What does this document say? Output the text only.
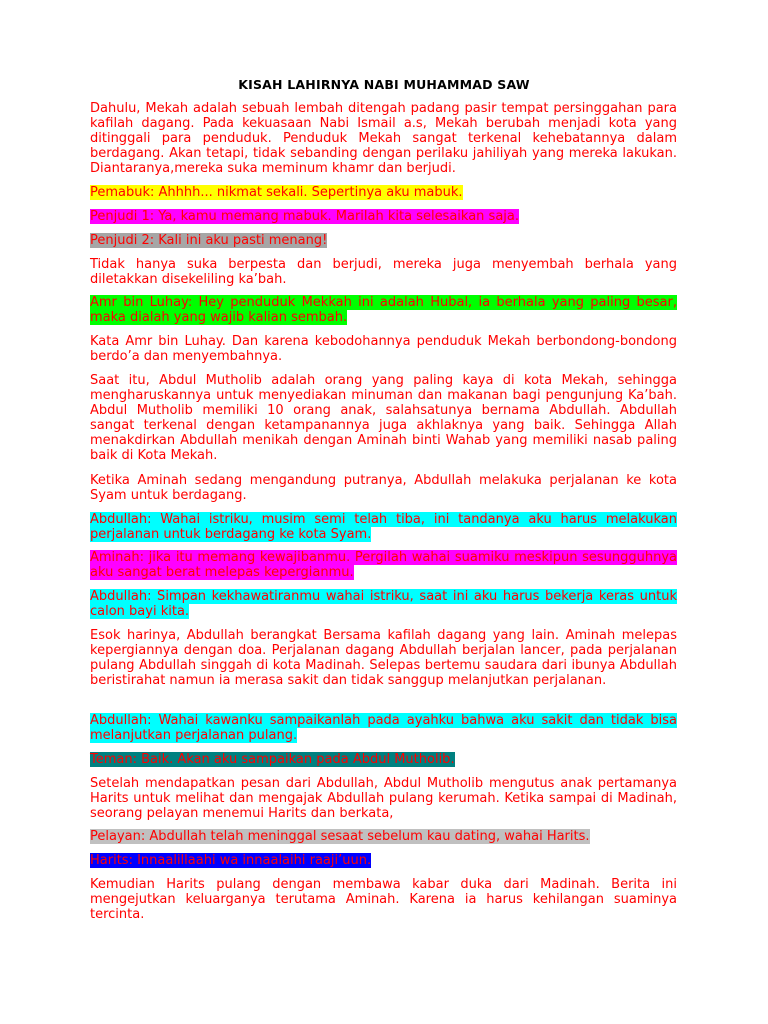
KISAH LAHIRNYA NABI MUHAMMAD SAW

Dahulu, Mekah adalah sebuah lembah ditengah padang pasir tempat persinggahan para kafilah dagang. Pada kekuasaan Nabi Ismail a.s, Mekah berubah menjadi kota yang ditinggali para penduduk. Penduduk Mekah sangat terkenal kehebatannya dalam berdagang. Akan tetapi, tidak sebanding dengan perilaku jahiliyah yang mereka lakukan. Diantaranya,mereka suka meminum khamr dan berjudi.

Pemabuk: Ahhhh... nikmat sekali. Sepertinya aku mabuk.

Penjudi 1: Ya, kamu memang mabuk. Marilah kita selesaikan saja.

Penjudi 2: Kali ini aku pasti menang!

Tidak hanya suka berpesta dan berjudi, mereka juga menyembah berhala yang diletakkan disekeliling ka’bah.

Amr bin Luhay: Hey penduduk Mekkah ini adalah Hubal, ia berhala yang paling besar, maka dialah yang wajib kalian sembah.

Kata Amr bin Luhay. Dan karena kebodohannya penduduk Mekah berbondong-bondong berdo’a dan menyembahnya.

Saat itu, Abdul Mutholib adalah orang yang paling kaya di kota Mekah, sehingga mengharuskannya untuk menyediakan minuman dan makanan bagi pengunjung Ka’bah. Abdul Mutholib memiliki 10 orang anak, salahsatunya bernama Abdullah. Abdullah sangat terkenal dengan ketampanannya juga akhlaknya yang baik. Sehingga Allah menakdirkan Abdullah menikah dengan Aminah binti Wahab yang memiliki nasab paling baik di Kota Mekah.

Ketika Aminah sedang mengandung putranya, Abdullah melakuka perjalanan ke kota Syam untuk berdagang.

Abdullah: Wahai istriku, musim semi telah tiba, ini tandanya aku harus melakukan perjalanan untuk berdagang ke kota Syam.

Aminah: jika itu memang kewajibanmu. Pergilah wahai suamiku meskipun sesungguhnya aku sangat berat melepas kepergianmu.

Abdullah: Simpan kekhawatiranmu wahai istriku, saat ini aku harus bekerja keras untuk calon bayi kita.

Esok harinya, Abdullah berangkat Bersama kafilah dagang yang lain. Aminah melepas kepergiannya dengan doa. Perjalanan dagang Abdullah berjalan lancer, pada perjalanan pulang Abdullah singgah di kota Madinah. Selepas bertemu saudara dari ibunya Abdullah beristirahat namun ia merasa sakit dan tidak sanggup melanjutkan perjalanan.

Abdullah: Wahai kawanku sampaikanlah pada ayahku bahwa aku sakit dan tidak bisa melanjutkan perjalanan pulang.

Teman: Baik. Akan aku sampaikan pada Abdul Mutholib.

Setelah mendapatkan pesan dari Abdullah, Abdul Mutholib mengutus anak pertamanya Harits untuk melihat dan mengajak Abdullah pulang kerumah. Ketika sampai di Madinah, seorang pelayan menemui Harits dan berkata,

Pelayan: Abdullah telah meninggal sesaat sebelum kau dating, wahai Harits.

Harits: Innaalillaahi wa innaalaihi raaji’uun.

Kemudian Harits pulang dengan membawa kabar duka dari Madinah. Berita ini mengejutkan keluarganya terutama Aminah. Karena ia harus kehilangan suaminya tercinta.
